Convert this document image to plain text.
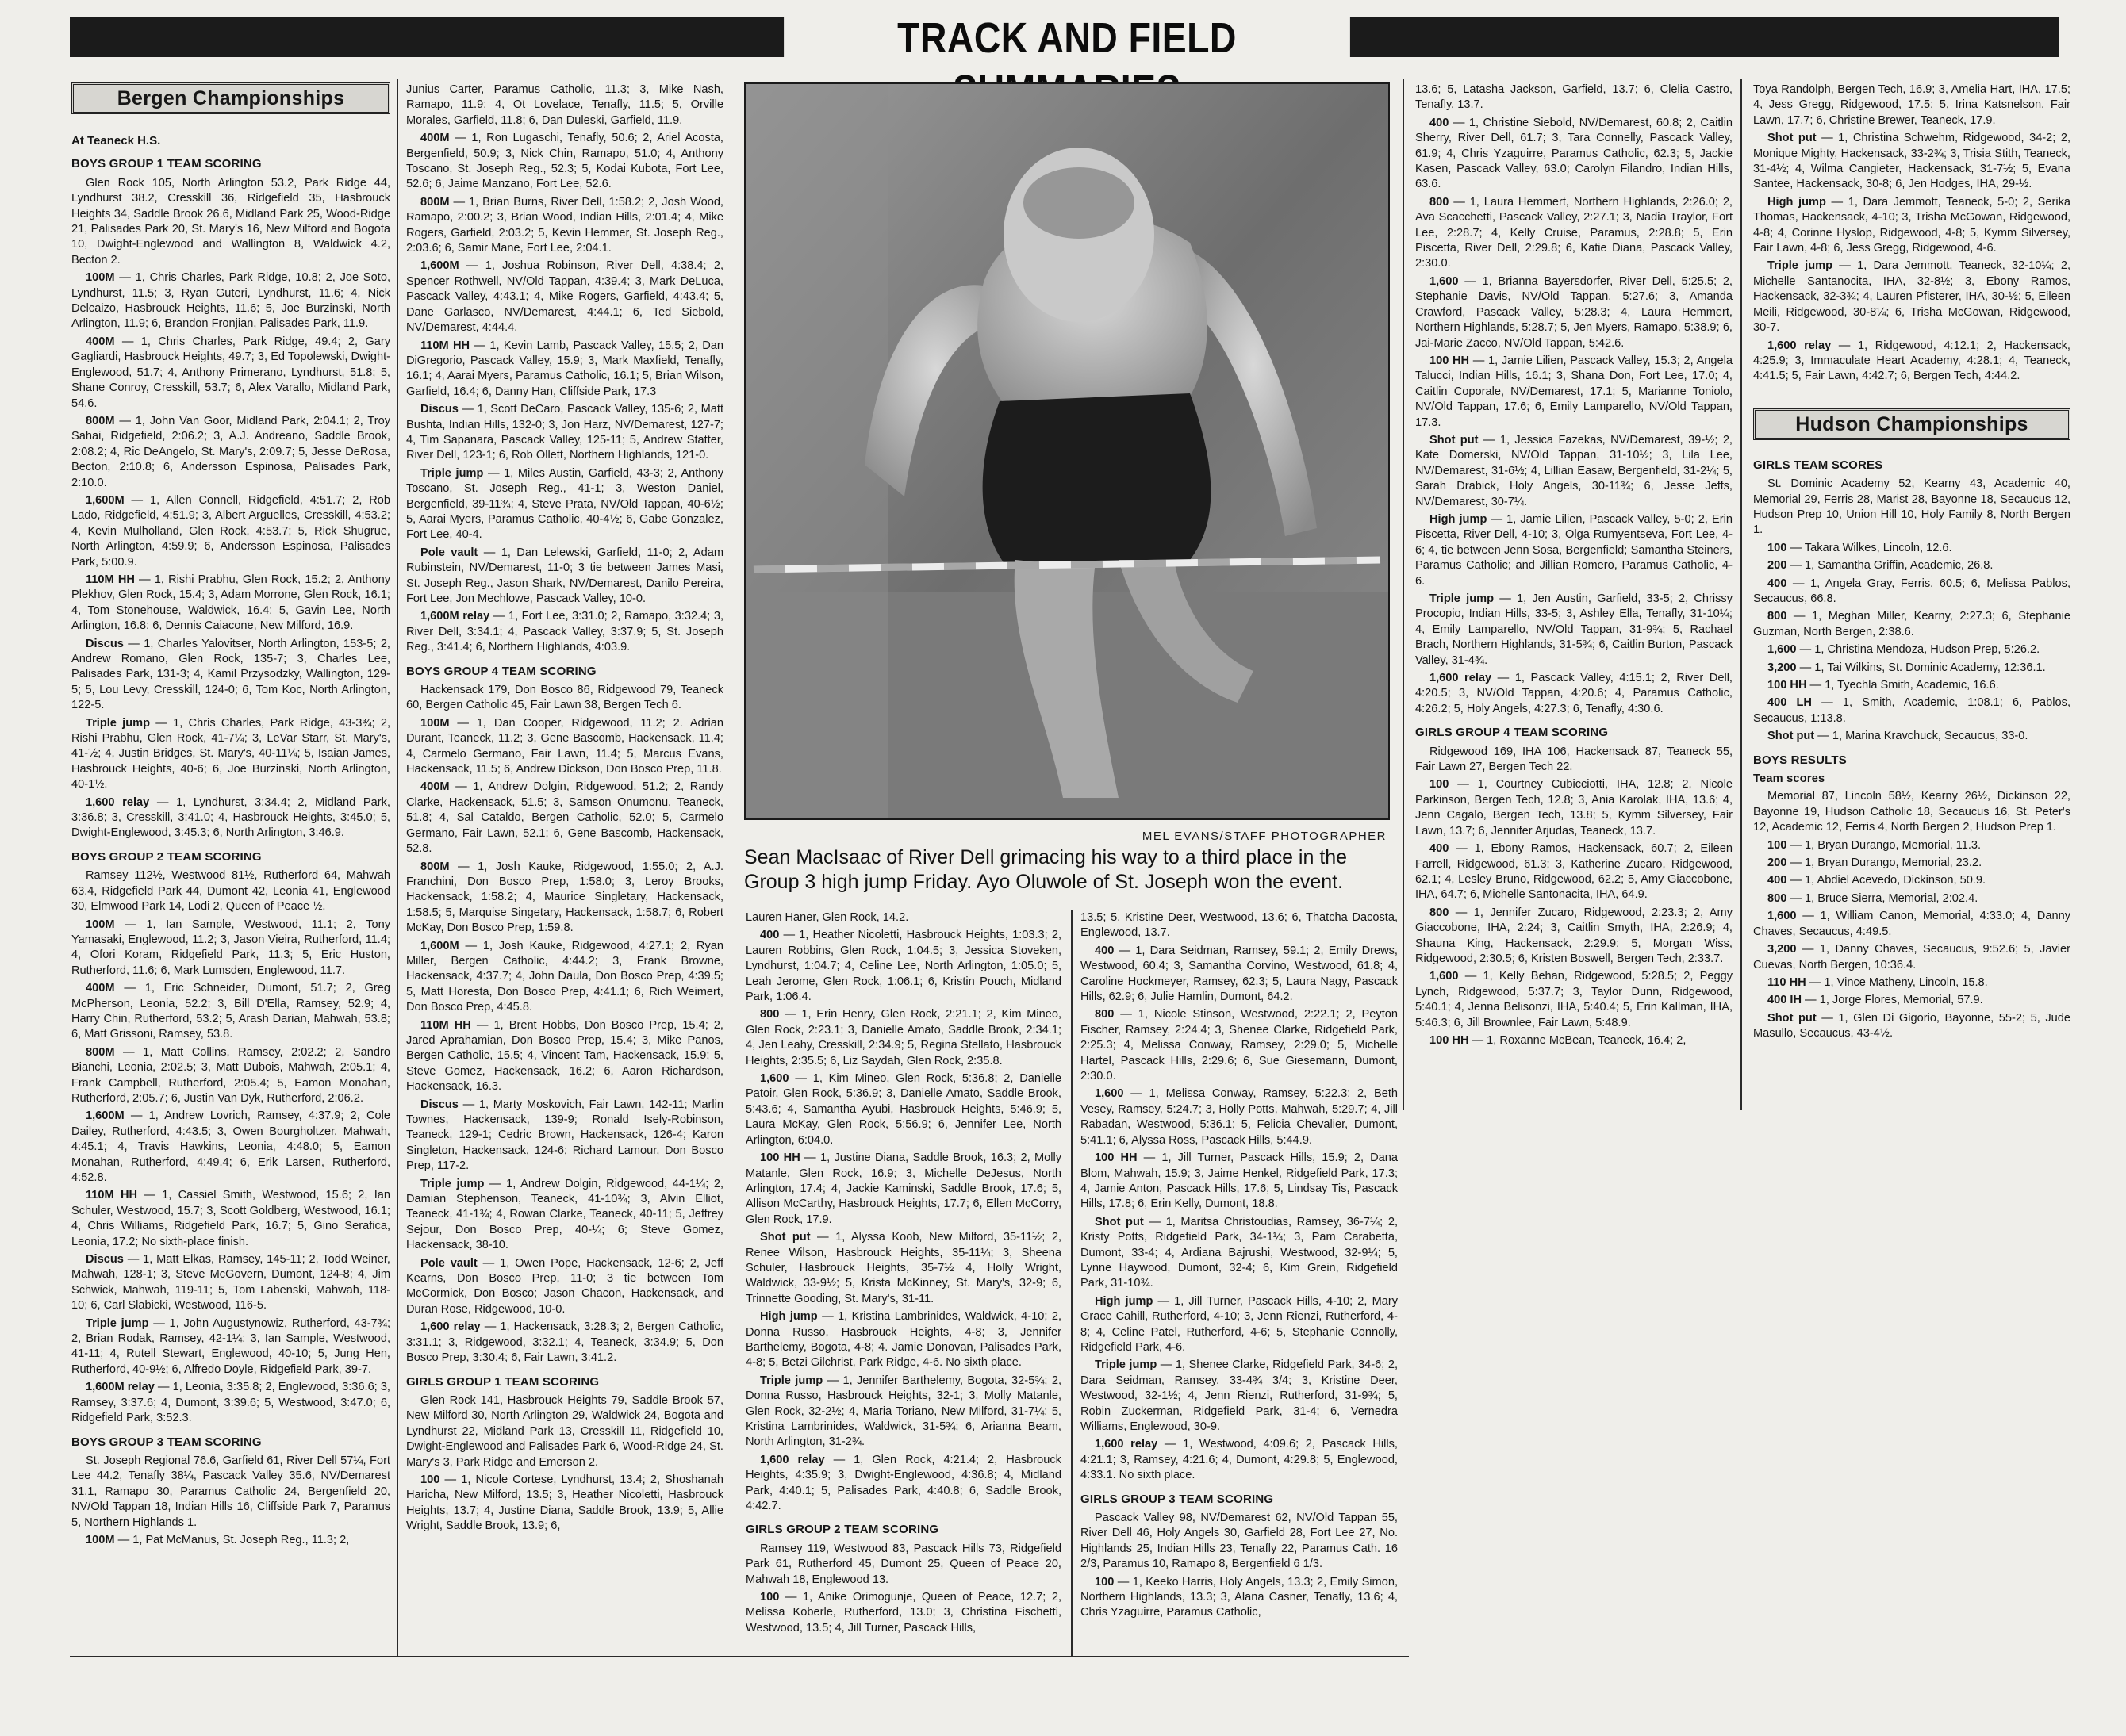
TRACK AND FIELD
Bergen Championships

At Teaneck H.S.

BOYS GROUP 1 TEAM SCORING

Glen Rock 105, North Arlington 53.2, Park Ridge 44, Lyndhurst 38.2, Cresskill 36, Ridgefield 35, Hasbrouck Heights 34, Saddle Brook 26.6, Midland Park 25, Wood-Ridge 21, Palisades Park 20, St. Mary's 16, New Milford and Bogota 10, Dwight-Englewood and Wallington 8, Waldwick 4.2, Becton 2.

100M — 1, Chris Charles, Park Ridge, 10.8; 2, Joe Soto, Lyndhurst, 11.5; 3, Ryan Guteri, Lyndhurst, 11.6; 4, Nick Delcaizo, Hasbrouck Heights, 11.6; 5, Joe Burzinski, North Arlington, 11.9; 6, Brandon Fronjian, Palisades Park, 11.9.

400M — 1, Chris Charles, Park Ridge, 49.4; 2, Gary Gagliardi, Hasbrouck Heights, 49.7; 3, Ed Topolewski, Dwight-Englewood, 51.7; 4, Anthony Primerano, Lyndhurst, 51.8; 5, Shane Conroy, Cresskill, 53.7; 6, Alex Varallo, Midland Park, 54.6.

800M — 1, John Van Goor, Midland Park, 2:04.1; 2, Troy Sahai, Ridgefield, 2:06.2; 3, A.J. Andreano, Saddle Brook, 2:08.2; 4, Ric DeAngelo, St. Mary's, 2:09.7; 5, Jesse DeRosa, Becton, 2:10.8; 6, Andersson Espinosa, Palisades Park, 2:10.0.

1,600M — 1, Allen Connell, Ridgefield, 4:51.7; 2, Rob Lado, Ridgefield, 4:51.9; 3, Albert Arguelles, Cresskill, 4:53.2; 4, Kevin Mulholland, Glen Rock, 4:53.7; 5, Rick Shugrue, North Arlington, 4:59.9; 6, Andersson Espinosa, Palisades Park, 5:00.9.

110M HH — 1, Rishi Prabhu, Glen Rock, 15.2; 2, Anthony Plekhov, Glen Rock, 15.4; 3, Adam Morrone, Glen Rock, 16.1; 4, Tom Stonehouse, Waldwick, 16.4; 5, Gavin Lee, North Arlington, 16.8; 6, Dennis Caiacone, New Milford, 16.9.

Discus — 1, Charles Yalovitser, North Arlington, 153-5; 2, Andrew Romano, Glen Rock, 135-7; 3, Charles Lee, Palisades Park, 131-3; 4, Kamil Przysodzky, Wallington, 129-5; 5, Lou Levy, Cresskill, 124-0; 6, Tom Koc, North Arlington, 122-5.

Triple jump — 1, Chris Charles, Park Ridge, 43-3¾; 2, Rishi Prabhu, Glen Rock, 41-7¼; 3, LeVar Starr, St. Mary's, 41-½; 4, Justin Bridges, St. Mary's, 40-11¼; 5, Isaian James, Hasbrouck Heights, 40-6; 6, Joe Burzinski, North Arlington, 40-1½.

1,600 relay — 1, Lyndhurst, 3:34.4; 2, Midland Park, 3:36.8; 3, Cresskill, 3:41.0; 4, Hasbrouck Heights, 3:45.0; 5, Dwight-Englewood, 3:45.3; 6, North Arlington, 3:46.9.

BOYS GROUP 2 TEAM SCORING

Ramsey 112½, Westwood 81½, Rutherford 64, Mahwah 63.4, Ridgefield Park 44, Dumont 42, Leonia 41, Englewood 30, Elmwood Park 14, Lodi 2, Queen of Peace ½.

100M — 1, Ian Sample, Westwood, 11.1; 2, Tony Yamasaki, Englewood, 11.2; 3, Jason Vieira, Rutherford, 11.4; 4, Ofori Koram, Ridgefield Park, 11.3; 5, Eric Huston, Rutherford, 11.6; 6, Mark Lumsden, Englewood, 11.7.

400M — 1, Eric Schneider, Dumont, 51.7; 2, Greg McPherson, Leonia, 52.2; 3, Bill D'Ella, Ramsey, 52.9; 4, Harry Chin, Rutherford, 53.2; 5, Arash Darian, Mahwah, 53.8; 6, Matt Grissoni, Ramsey, 53.8.

800M — 1, Matt Collins, Ramsey, 2:02.2; 2, Sandro Bianchi, Leonia, 2:02.5; 3, Matt Dubois, Mahwah, 2:05.1; 4, Frank Campbell, Rutherford, 2:05.4; 5, Eamon Monahan, Rutherford, 2:05.7; 6, Justin Van Dyk, Rutherford, 2:06.2.

1,600M — 1, Andrew Lovrich, Ramsey, 4:37.9; 2, Cole Dailey, Rutherford, 4:43.5; 3, Owen Bourgholtzer, Mahwah, 4:45.1; 4, Travis Hawkins, Leonia, 4:48.0; 5, Eamon Monahan, Rutherford, 4:49.4; 6, Erik Larsen, Rutherford, 4:52.8.

110M HH — 1, Cassiel Smith, Westwood, 15.6; 2, Ian Schuler, Westwood, 15.7; 3, Scott Goldberg, Westwood, 16.1; 4, Chris Williams, Ridgefield Park, 16.7; 5, Gino Serafica, Leonia, 17.2; No sixth-place finish.

Discus — 1, Matt Elkas, Ramsey, 145-11; 2, Todd Weiner, Mahwah, 128-1; 3, Steve McGovern, Dumont, 124-8; 4, Jim Schwick, Mahwah, 119-11; 5, Tom Labenski, Mahwah, 118-10; 6, Carl Slabicki, Westwood, 116-5.

Triple jump — 1, John Augustynowiz, Rutherford, 43-7¾; 2, Brian Rodak, Ramsey, 42-1¼; 3, Ian Sample, Westwood, 41-11; 4, Rutell Stewart, Englewood, 40-10; 5, Jung Hen, Rutherford, 40-9½; 6, Alfredo Doyle, Ridgefield Park, 39-7.

1,600M relay — 1, Leonia, 3:35.8; 2, Englewood, 3:36.6; 3, Ramsey, 3:37.6; 4, Dumont, 3:39.6; 5, Westwood, 3:47.0; 6, Ridgefield Park, 3:52.3.

BOYS GROUP 3 TEAM SCORING

St. Joseph Regional 76.6, Garfield 61, River Dell 57¼, Fort Lee 44.2, Tenafly 38¼, Pascack Valley 35.6, NV/Demarest 31.1, Ramapo 30, Paramus Catholic 24, Bergenfield 20, NV/Old Tappan 18, Indian Hills 16, Cliffside Park 7, Paramus 5, Northern Highlands 1.

100M — 1, Pat McManus, St. Joseph Reg., 11.3; 2,

Junius Carter, Paramus Catholic, 11.3; 3, Mike Nash, Ramapo, 11.9; 4, Ot Lovelace, Tenafly, 11.5; 5, Orville Morales, Garfield, 11.8; 6, Dan Duleski, Garfield, 11.9.

400M — 1, Ron Lugaschi, Tenafly, 50.6; 2, Ariel Acosta, Bergenfield, 50.9; 3, Nick Chin, Ramapo, 51.0; 4, Anthony Toscano, St. Joseph Reg., 52.3; 5, Kodai Kubota, Fort Lee, 52.6; 6, Jaime Manzano, Fort Lee, 52.6.

800M — 1, Brian Burns, River Dell, 1:58.2; 2, Josh Wood, Ramapo, 2:00.2; 3, Brian Wood, Indian Hills, 2:01.4; 4, Mike Rogers, Garfield, 2:03.2; 5, Kevin Hemmer, St. Joseph Reg., 2:03.6; 6, Samir Mane, Fort Lee, 2:04.1.

1,600M — 1, Joshua Robinson, River Dell, 4:38.4; 2, Spencer Rothwell, NV/Old Tappan, 4:39.4; 3, Mark DeLuca, Pascack Valley, 4:43.1; 4, Mike Rogers, Garfield, 4:43.4; 5, Dane Garlasco, NV/Demarest, 4:44.1; 6, Ted Siebold, NV/Demarest, 4:44.4.

110M HH — 1, Kevin Lamb, Pascack Valley, 15.5; 2, Dan DiGregorio, Pascack Valley, 15.9; 3, Mark Maxfield, Tenafly, 16.1; 4, Aarai Myers, Paramus Catholic, 16.1; 5, Brian Wilson, Garfield, 16.4; 6, Danny Han, Cliffside Park, 17.3

Discus — 1, Scott DeCaro, Pascack Valley, 135-6; 2, Matt Bushta, Indian Hills, 132-0; 3, Jon Harz, NV/Demarest, 127-7; 4, Tim Sapanara, Pascack Valley, 125-11; 5, Andrew Statter, River Dell, 123-1; 6, Rob Ollett, Northern Highlands, 121-0.

Triple jump — 1, Miles Austin, Garfield, 43-3; 2, Anthony Toscano, St. Joseph Reg., 41-1; 3, Weston Daniel, Bergenfield, 39-11¾; 4, Steve Prata, NV/Old Tappan, 40-6½; 5, Aarai Myers, Paramus Catholic, 40-4½; 6, Gabe Gonzalez, Fort Lee, 40-4.

Pole vault — 1, Dan Lelewski, Garfield, 11-0; 2, Adam Rubinstein, NV/Demarest, 11-0; 3 tie between James Masi, St. Joseph Reg., Jason Shark, NV/Demarest, Danilo Pereira, Fort Lee, Jon Mechlowe, Pascack Valley, 10-0.

1,600M relay — 1, Fort Lee, 3:31.0; 2, Ramapo, 3:32.4; 3, River Dell, 3:34.1; 4, Pascack Valley, 3:37.9; 5, St. Joseph Reg., 3:41.4; 6, Northern Highlands, 4:03.9.

BOYS GROUP 4 TEAM SCORING

Hackensack 179, Don Bosco 86, Ridgewood 79, Teaneck 60, Bergen Catholic 45, Fair Lawn 38, Bergen Tech 6.

100M — 1, Dan Cooper, Ridgewood, 11.2; 2. Adrian Durant, Teaneck, 11.2; 3, Gene Bascomb, Hackensack, 11.4; 4, Carmelo Germano, Fair Lawn, 11.4; 5, Marcus Evans, Hackensack, 11.5; 6, Andrew Dickson, Don Bosco Prep, 11.8.

400M — 1, Andrew Dolgin, Ridgewood, 51.2; 2, Randy Clarke, Hackensack, 51.5; 3, Samson Onumonu, Teaneck, 51.8; 4, Sal Cataldo, Bergen Catholic, 52.0; 5, Carmelo Germano, Fair Lawn, 52.1; 6, Gene Bascomb, Hackensack, 52.8.

800M — 1, Josh Kauke, Ridgewood, 1:55.0; 2, A.J. Franchini, Don Bosco Prep, 1:58.0; 3, Leroy Brooks, Hackensack, 1:58.2; 4, Maurice Singletary, Hackensack, 1:58.5; 5, Marquise Singetary, Hackensack, 1:58.7; 6, Robert McKay, Don Bosco Prep, 1:59.8.

1,600M — 1, Josh Kauke, Ridgewood, 4:27.1; 2, Ryan Miller, Bergen Catholic, 4:44.2; 3, Frank Browne, Hackensack, 4:37.7; 4, John Daula, Don Bosco Prep, 4:39.5; 5, Matt Horesta, Don Bosco Prep, 4:41.1; 6, Rich Weimert, Don Bosco Prep, 4:45.8.

110M HH — 1, Brent Hobbs, Don Bosco Prep, 15.4; 2, Jared Aprahamian, Don Bosco Prep, 15.4; 3, Mike Panos, Bergen Catholic, 15.5; 4, Vincent Tam, Hackensack, 15.9; 5, Steve Gomez, Hackensack, 16.2; 6, Aaron Richardson, Hackensack, 16.3.

Discus — 1, Marty Moskovich, Fair Lawn, 142-11; Marlin Townes, Hackensack, 139-9; Ronald Isely-Robinson, Teaneck, 129-1; Cedric Brown, Hackensack, 126-4; Karon Singleton, Hackensack, 124-6; Richard Lamour, Don Bosco Prep, 117-2.

Triple jump — 1, Andrew Dolgin, Ridgewood, 44-1¼; 2, Damian Stephenson, Teaneck, 41-10¾; 3, Alvin Elliot, Teaneck, 41-1¾; 4, Rowan Clarke, Teaneck, 40-11; 5, Jeffrey Sejour, Don Bosco Prep, 40-¼; 6; Steve Gomez, Hackensack, 38-10.

Pole vault — 1, Owen Pope, Hackensack, 12-6; 2, Jeff Kearns, Don Bosco Prep, 11-0; 3 tie between Tom McCormick, Don Bosco; Jason Chacon, Hackensack, and Duran Rose, Ridgewood, 10-0.

1,600 relay — 1, Hackensack, 3:28.3; 2, Bergen Catholic, 3:31.1; 3, Ridgewood, 3:32.1; 4, Teaneck, 3:34.9; 5, Don Bosco Prep, 3:30.4; 6, Fair Lawn, 3:41.2.

GIRLS GROUP 1 TEAM SCORING

Glen Rock 141, Hasbrouck Heights 79, Saddle Brook 57, New Milford 30, North Arlington 29, Waldwick 24, Bogota and Lyndhurst 22, Midland Park 13, Cresskill 11, Ridgefield 10, Dwight-Englewood and Palisades Park 6, Wood-Ridge 24, St. Mary's 3, Park Ridge and Emerson 2.

100 — 1, Nicole Cortese, Lyndhurst, 13.4; 2, Shoshanah Haricha, New Milford, 13.5; 3, Heather Nicoletti, Hasbrouck Heights, 13.7; 4, Justine Diana, Saddle Brook, 13.9; 5, Allie Wright, Saddle Brook, 13.9; 6,

MEL EVANS/STAFF PHOTOGRAPHER
Sean MacIsaac of River Dell grimacing his way to a third place in the Group 3 high jump Friday. Ayo Oluwole of St. Joseph won the event.

Lauren Haner, Glen Rock, 14.2.

400 — 1, Heather Nicoletti, Hasbrouck Heights, 1:03.3; 2, Lauren Robbins, Glen Rock, 1:04.5; 3, Jessica Stoveken, Lyndhurst, 1:04.7; 4, Celine Lee, North Arlington, 1:05.0; 5, Leah Jerome, Glen Rock, 1:06.1; 6, Kristin Pouch, Midland Park, 1:06.4.

800 — 1, Erin Henry, Glen Rock, 2:21.1; 2, Kim Mineo, Glen Rock, 2:23.1; 3, Danielle Amato, Saddle Brook, 2:34.1; 4, Jen Leahy, Cresskill, 2:34.9; 5, Regina Stellato, Hasbrouck Heights, 2:35.5; 6, Liz Saydah, Glen Rock, 2:35.8.

1,600 — 1, Kim Mineo, Glen Rock, 5:36.8; 2, Danielle Patoir, Glen Rock, 5:36.9; 3, Danielle Amato, Saddle Brook, 5:43.6; 4, Samantha Ayubi, Hasbrouck Heights, 5:46.9; 5, Laura McKay, Glen Rock, 5:56.9; 6, Jennifer Lee, North Arlington, 6:04.0.

100 HH — 1, Justine Diana, Saddle Brook, 16.3; 2, Molly Matanle, Glen Rock, 16.9; 3, Michelle DeJesus, North Arlington, 17.4; 4, Jackie Kaminski, Saddle Brook, 17.6; 5, Allison McCarthy, Hasbrouck Heights, 17.7; 6, Ellen McCorry, Glen Rock, 17.9.

Shot put — 1, Alyssa Koob, New Milford, 35-11½; 2, Renee Wilson, Hasbrouck Heights, 35-11¼; 3, Sheena Schuler, Hasbrouck Heights, 35-7½ 4, Holly Wright, Waldwick, 33-9½; 5, Krista McKinney, St. Mary's, 32-9; 6, Trinnette Gooding, St. Mary's, 31-11.

High jump — 1, Kristina Lambrinides, Waldwick, 4-10; 2, Donna Russo, Hasbrouck Heights, 4-8; 3, Jennifer Barthelemy, Bogota, 4-8; 4. Jamie Donovan, Palisades Park, 4-8; 5, Betzi Gilchrist, Park Ridge, 4-6. No sixth place.

Triple jump — 1, Jennifer Barthelemy, Bogota, 32-5¾; 2, Donna Russo, Hasbrouck Heights, 32-1; 3, Molly Matanle, Glen Rock, 32-2½; 4, Maria Toriano, New Milford, 31-7¼; 5, Kristina Lambrinides, Waldwick, 31-5¾; 6, Arianna Beam, North Arlington, 31-2¾.

1,600 relay — 1, Glen Rock, 4:21.4; 2, Hasbrouck Heights, 4:35.9; 3, Dwight-Englewood, 4:36.8; 4, Midland Park, 4:40.1; 5, Palisades Park, 4:40.8; 6, Saddle Brook, 4:42.7.

GIRLS GROUP 2 TEAM SCORING

Ramsey 119, Westwood 83, Pascack Hills 73, Ridgefield Park 61, Rutherford 45, Dumont 25, Queen of Peace 20, Mahwah 18, Englewood 13.

100 — 1, Anike Orimogunje, Queen of Peace, 12.7; 2, Melissa Koberle, Rutherford, 13.0; 3, Christina Fischetti, Westwood, 13.5; 4, Jill Turner, Pascack Hills,

13.5; 5, Kristine Deer, Westwood, 13.6; 6, Thatcha Dacosta, Englewood, 13.7.

400 — 1, Dara Seidman, Ramsey, 59.1; 2, Emily Drews, Westwood, 60.4; 3, Samantha Corvino, Westwood, 61.8; 4, Caroline Hockmeyer, Ramsey, 62.3; 5, Laura Nagy, Pascack Hills, 62.9; 6, Julie Hamlin, Dumont, 64.2.

800 — 1, Nicole Stinson, Westwood, 2:22.1; 2, Peyton Fischer, Ramsey, 2:24.4; 3, Shenee Clarke, Ridgefield Park, 2:25.3; 4, Melissa Conway, Ramsey, 2:29.0; 5, Michelle Hartel, Pascack Hills, 2:29.6; 6, Sue Giesemann, Dumont, 2:30.0.

1,600 — 1, Melissa Conway, Ramsey, 5:22.3; 2, Beth Vesey, Ramsey, 5:24.7; 3, Holly Potts, Mahwah, 5:29.7; 4, Jill Rabadan, Westwood, 5:36.1; 5, Felicia Chevalier, Dumont, 5:41.1; 6, Alyssa Ross, Pascack Hills, 5:44.9.

100 HH — 1, Jill Turner, Pascack Hills, 15.9; 2, Dana Blom, Mahwah, 15.9; 3, Jaime Henkel, Ridgefield Park, 17.3; 4, Jamie Anton, Pascack Hills, 17.6; 5, Lindsay Tis, Pascack Hills, 17.8; 6, Erin Kelly, Dumont, 18.8.

Shot put — 1, Maritsa Christoudias, Ramsey, 36-7¼; 2, Kristy Potts, Ridgefield Park, 34-1¼; 3, Pam Carabetta, Dumont, 33-4; 4, Ardiana Bajrushi, Westwood, 32-9¼; 5, Lynne Haywood, Dumont, 32-4; 6, Kim Grein, Ridgefield Park, 31-10¾.

High jump — 1, Jill Turner, Pascack Hills, 4-10; 2, Mary Grace Cahill, Rutherford, 4-10; 3, Jenn Rienzi, Rutherford, 4-8; 4, Celine Patel, Rutherford, 4-6; 5, Stephanie Connolly, Ridgefield Park, 4-6.

Triple jump — 1, Shenee Clarke, Ridgefield Park, 34-6; 2, Dara Seidman, Ramsey, 33-4¾ 3/4; 3, Kristine Deer, Westwood, 32-1½; 4, Jenn Rienzi, Rutherford, 31-9¾; 5, Robin Zuckerman, Ridgefield Park, 31-4; 6, Vernedra Williams, Englewood, 30-9.

1,600 relay — 1, Westwood, 4:09.6; 2, Pascack Hills, 4:21.1; 3, Ramsey, 4:21.6; 4, Dumont, 4:29.8; 5, Englewood, 4:33.1. No sixth place.

GIRLS GROUP 3 TEAM SCORING

Pascack Valley 98, NV/Demarest 62, NV/Old Tappan 55, River Dell 46, Holy Angels 30, Garfield 28, Fort Lee 27, No. Highlands 25, Indian Hills 23, Tenafly 22, Paramus Cath. 16 2/3, Paramus 10, Ramapo 8, Bergenfield 6 1/3.

100 — 1, Keeko Harris, Holy Angels, 13.3; 2, Emily Simon, Northern Highlands, 13.3; 3, Alana Casner, Tenafly, 13.6; 4, Chris Yzaguirre, Paramus Catholic,

13.6; 5, Latasha Jackson, Garfield, 13.7; 6, Clelia Castro, Tenafly, 13.7.

400 — 1, Christine Siebold, NV/Demarest, 60.8; 2, Caitlin Sherry, River Dell, 61.7; 3, Tara Connelly, Pascack Valley, 61.9; 4, Chris Yzaguirre, Paramus Catholic, 62.3; 5, Jackie Kasen, Pascack Valley, 63.0; Carolyn Filandro, Indian Hills, 63.6.

800 — 1, Laura Hemmert, Northern Highlands, 2:26.0; 2, Ava Scacchetti, Pascack Valley, 2:27.1; 3, Nadia Traylor, Fort Lee, 2:28.7; 4, Kelly Cruise, Paramus, 2:28.8; 5, Erin Piscetta, River Dell, 2:29.8; 6, Katie Diana, Pascack Valley, 2:30.0.

1,600 — 1, Brianna Bayersdorfer, River Dell, 5:25.5; 2, Stephanie Davis, NV/Old Tappan, 5:27.6; 3, Amanda Crawford, Pascack Valley, 5:28.3; 4, Laura Hemmert, Northern Highlands, 5:28.7; 5, Jen Myers, Ramapo, 5:38.9; 6, Jai-Marie Zacco, NV/Old Tappan, 5:42.6.

100 HH — 1, Jamie Lilien, Pascack Valley, 15.3; 2, Angela Talucci, Indian Hills, 16.1; 3, Shana Don, Fort Lee, 17.0; 4, Caitlin Coporale, NV/Demarest, 17.1; 5, Marianne Toniolo, NV/Old Tappan, 17.6; 6, Emily Lamparello, NV/Old Tappan, 17.3.

Shot put — 1, Jessica Fazekas, NV/Demarest, 39-½; 2, Kate Domerski, NV/Old Tappan, 31-10½; 3, Lila Lee, NV/Demarest, 31-6½; 4, Lillian Easaw, Bergenfield, 31-2¼; 5, Sarah Drabick, Holy Angels, 30-11¾; 6, Jesse Jeffs, NV/Demarest, 30-7¼.

High jump — 1, Jamie Lilien, Pascack Valley, 5-0; 2, Erin Piscetta, River Dell, 4-10; 3, Olga Rumyentseva, Fort Lee, 4-6; 4, tie between Jenn Sosa, Bergenfield; Samantha Steiners, Paramus Catholic; and Jillian Romero, Paramus Catholic, 4-6.

Triple jump — 1, Jen Austin, Garfield, 33-5; 2, Chrissy Procopio, Indian Hills, 33-5; 3, Ashley Ella, Tenafly, 31-10¼; 4, Emily Lamparello, NV/Old Tappan, 31-9¾; 5, Rachael Brach, Northern Highlands, 31-5¾; 6, Caitlin Burton, Pascack Valley, 31-4¾.

1,600 relay — 1, Pascack Valley, 4:15.1; 2, River Dell, 4:20.5; 3, NV/Old Tappan, 4:20.6; 4, Paramus Catholic, 4:26.2; 5, Holy Angels, 4:27.3; 6, Tenafly, 4:30.6.

GIRLS GROUP 4 TEAM SCORING

Ridgewood 169, IHA 106, Hackensack 87, Teaneck 55, Fair Lawn 27, Bergen Tech 22.

100 — 1, Courtney Cubicciotti, IHA, 12.8; 2, Nicole Parkinson, Bergen Tech, 12.8; 3, Ania Karolak, IHA, 13.6; 4, Jenn Cagalo, Bergen Tech, 13.8; 5, Kymm Silversey, Fair Lawn, 13.7; 6, Jennifer Arjudas, Teaneck, 13.7.

400 — 1, Ebony Ramos, Hackensack, 60.7; 2, Eileen Farrell, Ridgewood, 61.3; 3, Katherine Zucaro, Ridgewood, 62.1; 4, Lesley Bruno, Ridgewood, 62.2; 5, Amy Giaccobone, IHA, 64.7; 6, Michelle Santonacita, IHA, 64.9.

800 — 1, Jennifer Zucaro, Ridgewood, 2:23.3; 2, Amy Giaccobone, IHA, 2:24; 3, Caitlin Smyth, IHA, 2:26.9; 4, Shauna King, Hackensack, 2:29.9; 5, Morgan Wiss, Ridgewood, 2:30.5; 6, Kristen Boswell, Bergen Tech, 2:33.7.

1,600 — 1, Kelly Behan, Ridgewood, 5:28.5; 2, Peggy Lynch, Ridgewood, 5:37.7; 3, Taylor Dunn, Ridgewood, 5:40.1; 4, Jenna Belisonzi, IHA, 5:40.4; 5, Erin Kallman, IHA, 5:46.3; 6, Jill Brownlee, Fair Lawn, 5:48.9.

100 HH — 1, Roxanne McBean, Teaneck, 16.4; 2,

Toya Randolph, Bergen Tech, 16.9; 3, Amelia Hart, IHA, 17.5; 4, Jess Gregg, Ridgewood, 17.5; 5, Irina Katsnelson, Fair Lawn, 17.7; 6, Christine Brewer, Teaneck, 17.9.

Shot put — 1, Christina Schwehm, Ridgewood, 34-2; 2, Monique Mighty, Hackensack, 33-2¾; 3, Trisia Stith, Teaneck, 31-4½; 4, Wilma Cangieter, Hackensack, 31-7½; 5, Evana Santee, Hackensack, 30-8; 6, Jen Hodges, IHA, 29-½.

High jump — 1, Dara Jemmott, Teaneck, 5-0; 2, Serika Thomas, Hackensack, 4-10; 3, Trisha McGowan, Ridgewood, 4-8; 4, Corinne Hyslop, Ridgewood, 4-8; 5, Kymm Silversey, Fair Lawn, 4-8; 6, Jess Gregg, Ridgewood, 4-6.

Triple jump — 1, Dara Jemmott, Teaneck, 32-10¼; 2, Michelle Santanocita, IHA, 32-8½; 3, Ebony Ramos, Hackensack, 32-3¾; 4, Lauren Pfisterer, IHA, 30-½; 5, Eileen Meili, Ridgewood, 30-8¼; 6, Trisha McGowan, Ridgewood, 30-7.

1,600 relay — 1, Ridgewood, 4:12.1; 2, Hackensack, 4:25.9; 3, Immaculate Heart Academy, 4:28.1; 4, Teaneck, 4:41.5; 5, Fair Lawn, 4:42.7; 6, Bergen Tech, 4:44.2.

Hudson Championships

GIRLS TEAM SCORES

St. Dominic Academy 52, Kearny 43, Academic 40, Memorial 29, Ferris 28, Marist 28, Bayonne 18, Secaucus 12, Hudson Prep 10, Union Hill 10, Holy Family 8, North Bergen 1.

100 — Takara Wilkes, Lincoln, 12.6.

200 — 1, Samantha Griffin, Academic, 26.8.

400 — 1, Angela Gray, Ferris, 60.5; 6, Melissa Pablos, Secaucus, 66.8.

800 — 1, Meghan Miller, Kearny, 2:27.3; 6, Stephanie Guzman, North Bergen, 2:38.6.

1,600 — 1, Christina Mendoza, Hudson Prep, 5:26.2.

3,200 — 1, Tai Wilkins, St. Dominic Academy, 12:36.1.

100 HH — 1, Tyechla Smith, Academic, 16.6.

400 LH — 1, Smith, Academic, 1:08.1; 6, Pablos, Secaucus, 1:13.8.

Shot put — 1, Marina Kravchuck, Secaucus, 33-0.

BOYS RESULTS

Team scores

Memorial 87, Lincoln 58½, Kearny 26½, Dickinson 22, Bayonne 19, Hudson Catholic 18, Secaucus 16, St. Peter's 12, Academic 12, Ferris 4, North Bergen 2, Hudson Prep 1.

100 — 1, Bryan Durango, Memorial, 11.3.

200 — 1, Bryan Durango, Memorial, 23.2.

400 — 1, Abdiel Acevedo, Dickinson, 50.9.

800 — 1, Bruce Sierra, Memorial, 2:02.4.

1,600 — 1, William Canon, Memorial, 4:33.0; 4, Danny Chaves, Secaucus, 4:49.5.

3,200 — 1, Danny Chaves, Secaucus, 9:52.6; 5, Javier Cuevas, North Bergen, 10:36.4.

110 HH — 1, Vince Matheny, Lincoln, 15.8.

400 IH — 1, Jorge Flores, Memorial, 57.9.

Shot put — 1, Glen Di Gigorio, Bayonne, 55-2; 5, Jude Masullo, Secaucus, 43-4½.
